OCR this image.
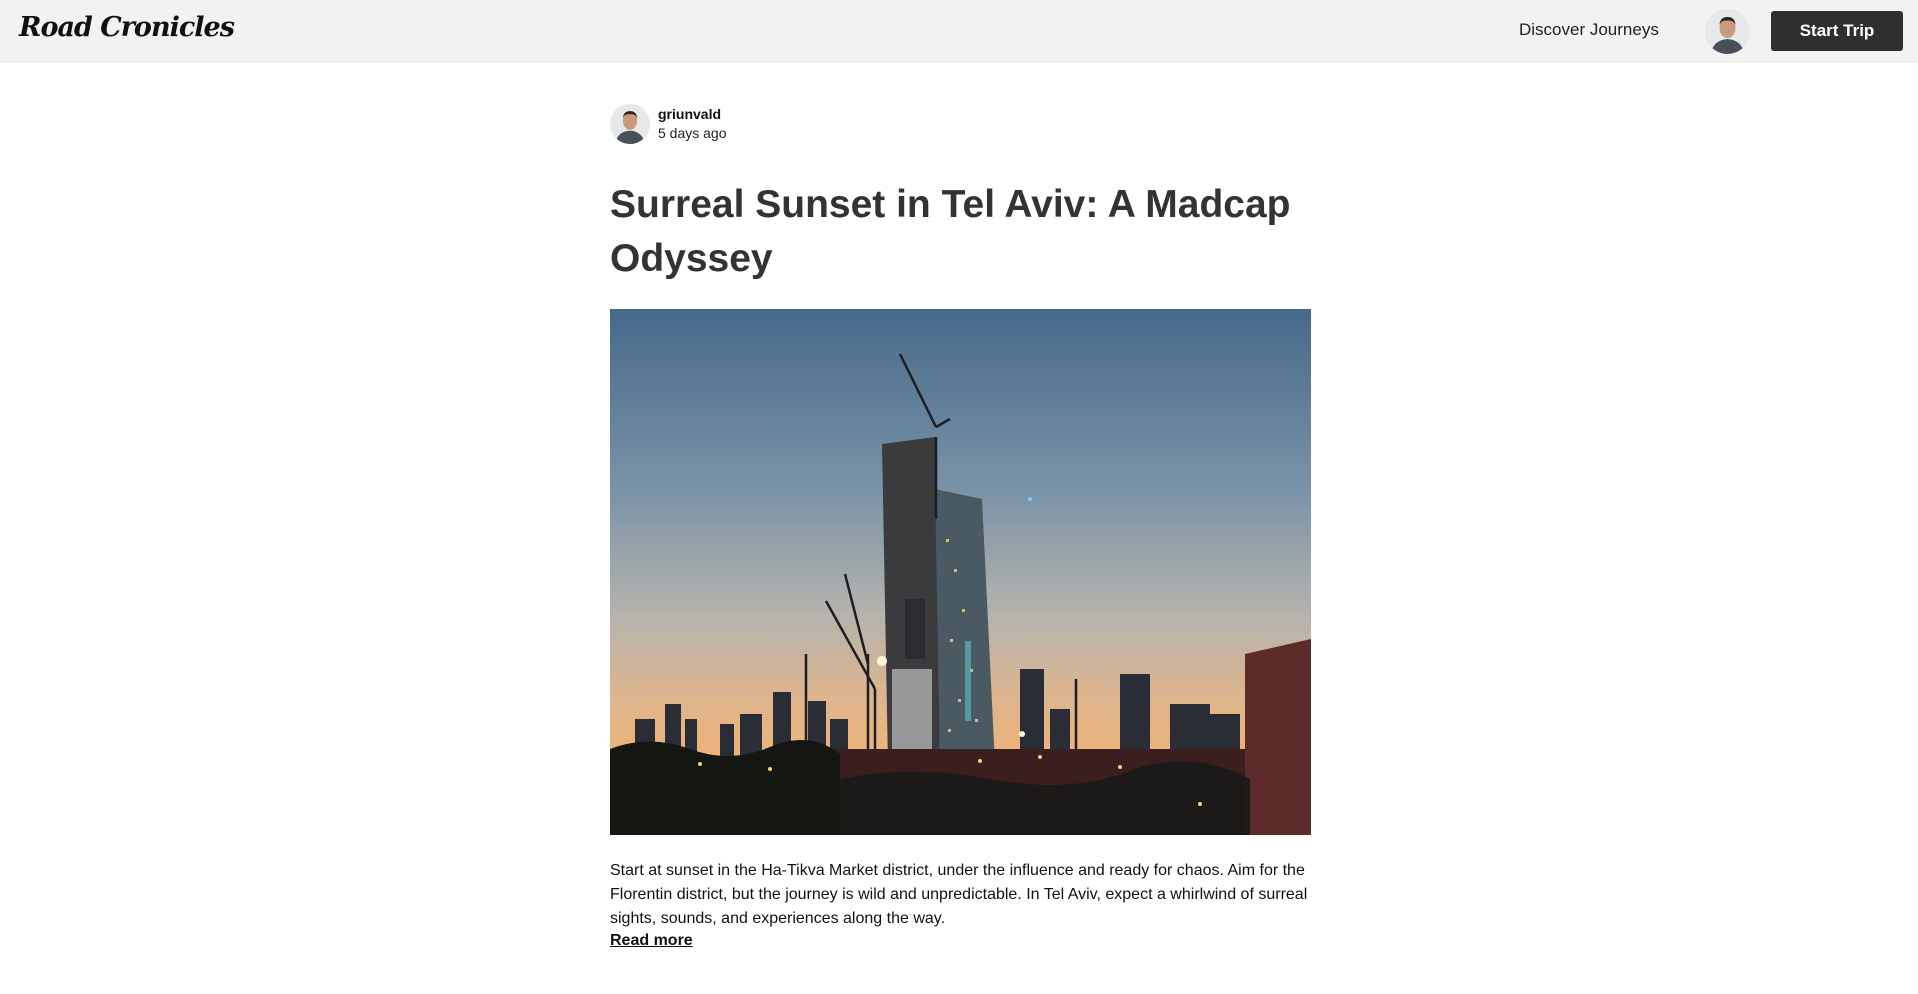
Road Cronicles	Discover Journeys	Start Trip
griunvald
5 days ago
Surreal Sunset in Tel Aviv: A Madcap Odyssey

Start at sunset in the Ha-Tikva Market district, under the influence and ready for chaos. Aim for the Florentin district, but the journey is wild and unpredictable. In Tel Aviv, expect a whirlwind of surreal sights, sounds, and experiences along the way.

Read more
